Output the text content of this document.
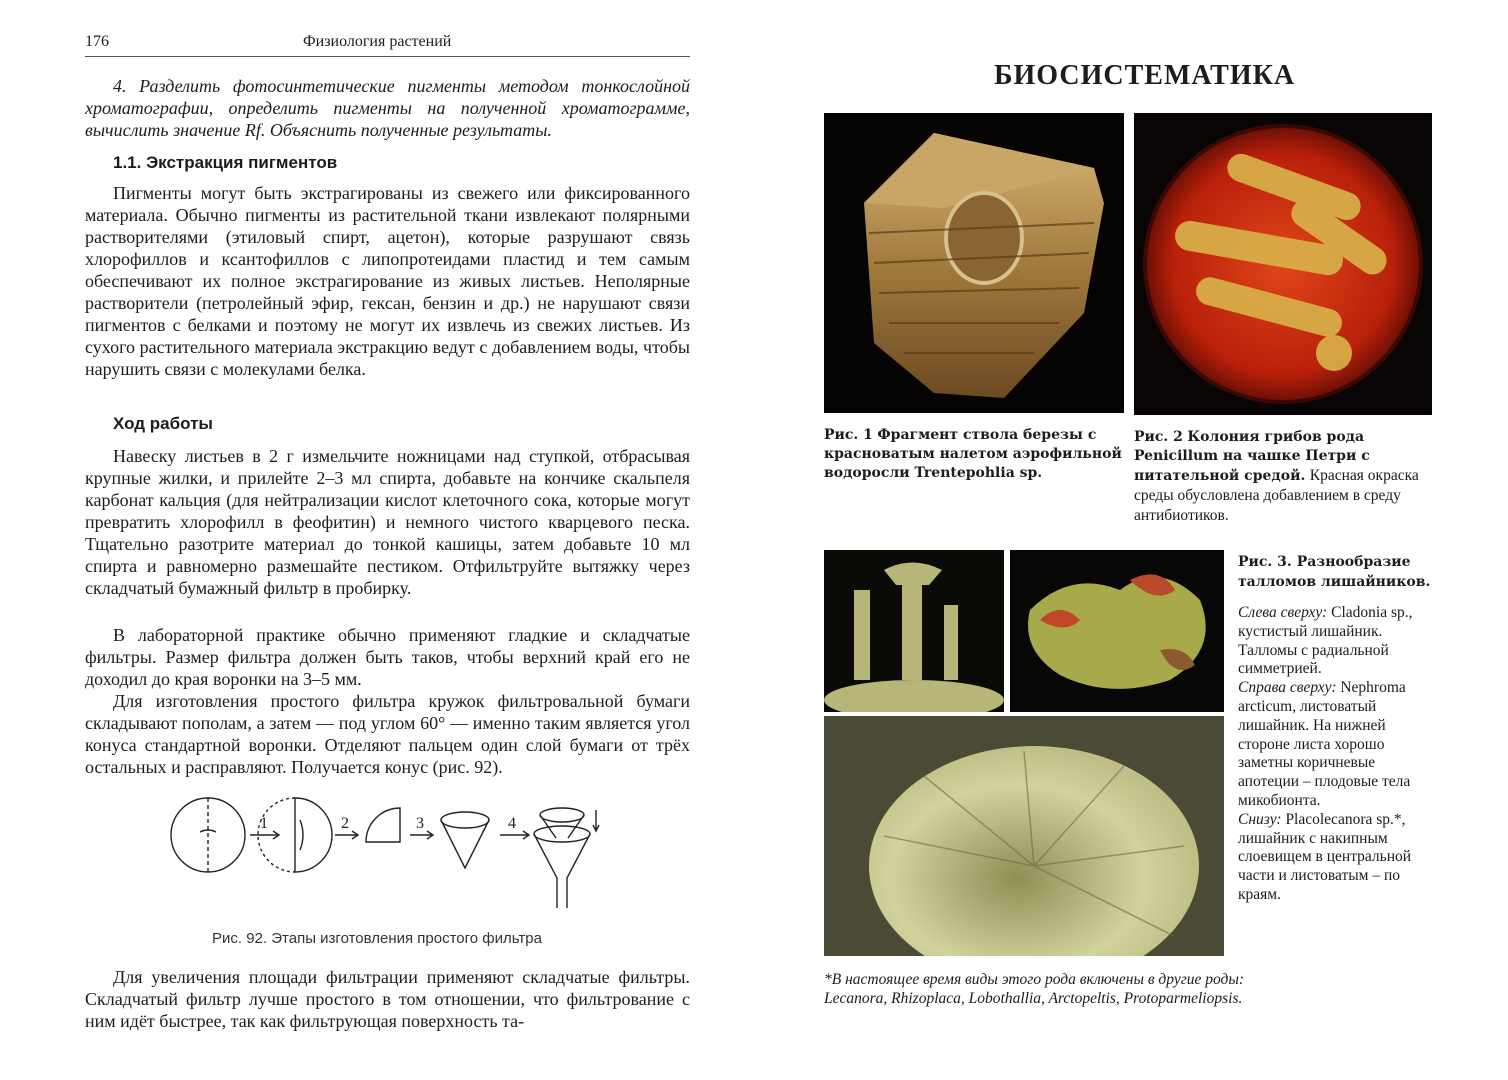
176	Физиология растений

4. Разделить фотосинтетические пигменты методом тонкослойной хроматографии, определить пигменты на полученной хроматограмме, вычислить значение Rf. Объяснить полученные результаты.

1.1. Экстракция пигментов

Пигменты могут быть экстрагированы из свежего или фиксированного материала. Обычно пигменты из растительной ткани извлекают полярными растворителями (этиловый спирт, ацетон), которые разрушают связь хлорофиллов и ксантофиллов с липопротеидами пластид и тем самым обеспечивают их полное экстрагирование из живых листьев. Неполярные растворители (петролейный эфир, гексан, бензин и др.) не нарушают связи пигментов с белками и поэтому не могут их извлечь из свежих листьев. Из сухого растительного материала экстракцию ведут с добавлением воды, чтобы нарушить связи с молекулами белка.

Ход работы

Навеску листьев в 2 г измельчите ножницами над ступкой, отбрасывая крупные жилки, и прилейте 2–3 мл спирта, добавьте на кончике скальпеля карбонат кальция (для нейтрализации кислот клеточного сока, которые могут превратить хлорофилл в феофитин) и немного чистого кварцевого песка. Тщательно разотрите материал до тонкой кашицы, затем добавьте 10 мл спирта и равномерно размешайте пестиком. Отфильтруйте вытяжку через складчатый бумажный фильтр в пробирку.

В лабораторной практике обычно применяют гладкие и складчатые фильтры. Размер фильтра должен быть таков, чтобы верхний край его не доходил до края воронки на 3–5 мм.

Для изготовления простого фильтра кружок фильтровальной бумаги складывают пополам, а затем — под углом 60° — именно таким является угол конуса стандартной воронки. Отделяют пальцем один слой бумаги от трёх остальных и расправляют. Получается конус (рис. 92).

1	2	3	4
Рис. 92. Этапы изготовления простого фильтра

Для увеличения площади фильтрации применяют складчатые фильтры. Складчатый фильтр лучше простого в том отношении, что фильтрование с ним идёт быстрее, так как фильтрующая поверхность та-

БИОСИСТЕМАТИКА

Рис. 1 Фрагмент ствола березы с красноватым налетом аэрофильной водоросли Trentepohlia sp.

Рис. 2 Колония грибов рода Penicillum на чашке Петри с питательной средой. Красная окраска среды обусловлена добавлением в среду антибиотиков.

Рис. 3. Разнообразие талломов лишайников.
Слева сверху: Cladonia sp., кустистый лишайник. Талломы с радиальной симметрией.
Справа сверху: Nephroma arcticum, листоватый лишайник. На нижней стороне листа хорошо заметны коричневые апотеции – плодовые тела микобионта.
Снизу: Placolecanora sp.*, лишайник с накипным слоевищем в центральной части и листоватым – по краям.
*В настоящее время виды этого рода включены в другие роды:
Lecanora, Rhizoplaca, Lobothallia, Arctopeltis, Protoparmeliopsis.
